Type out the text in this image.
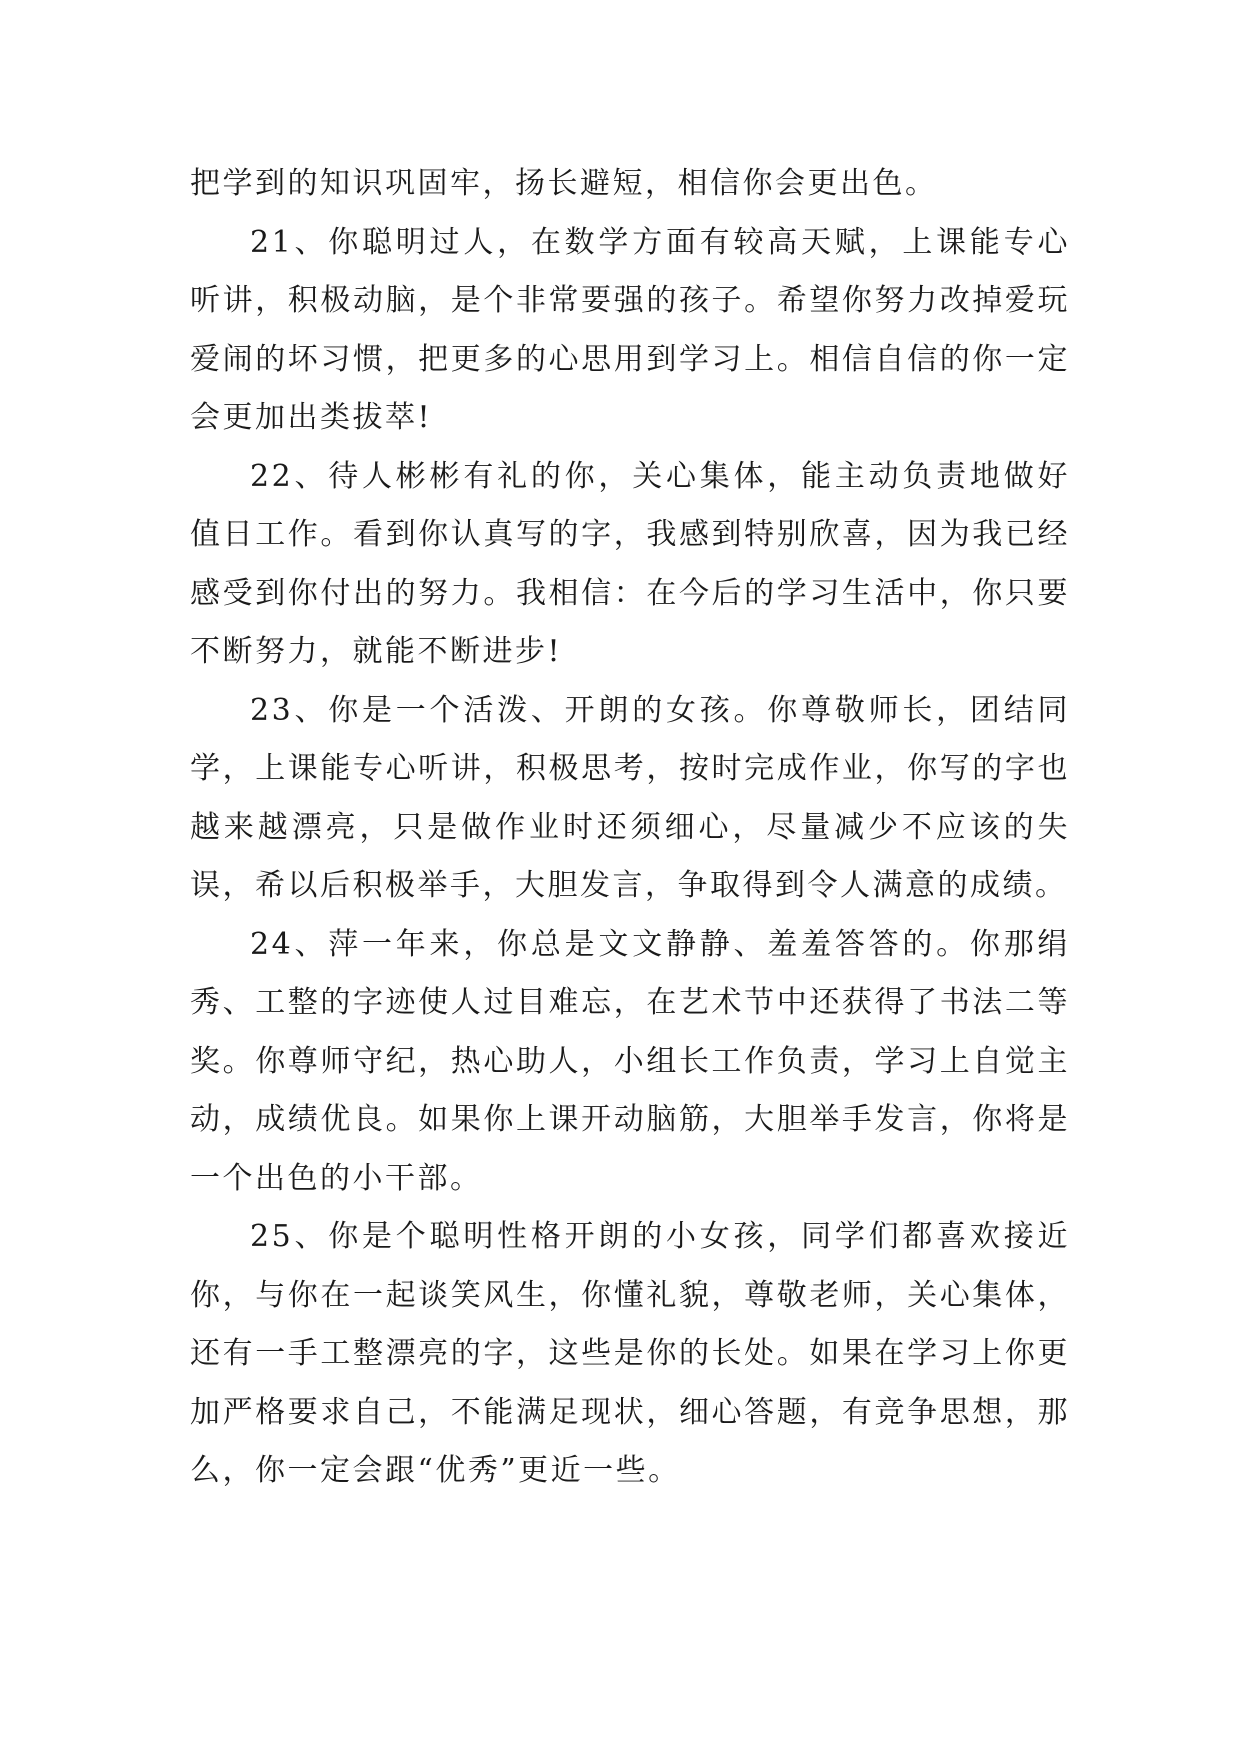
把学到的知识巩固牢，扬长避短，相信你会更出色。

21、你聪明过人，在数学方面有较高天赋，上课能专心听讲，积极动脑，是个非常要强的孩子。希望你努力改掉爱玩爱闹的坏习惯，把更多的心思用到学习上。相信自信的你一定会更加出类拔萃!

22、待人彬彬有礼的你，关心集体，能主动负责地做好值日工作。看到你认真写的字，我感到特别欣喜，因为我已经感受到你付出的努力。我相信：在今后的学习生活中，你只要不断努力，就能不断进步!

23、你是一个活泼、开朗的女孩。你尊敬师长，团结同学，上课能专心听讲，积极思考，按时完成作业，你写的字也越来越漂亮，只是做作业时还须细心，尽量减少不应该的失误，希以后积极举手，大胆发言，争取得到令人满意的成绩。

24、萍一年来，你总是文文静静、羞羞答答的。你那绢秀、工整的字迹使人过目难忘，在艺术节中还获得了书法二等奖。你尊师守纪，热心助人，小组长工作负责，学习上自觉主动，成绩优良。如果你上课开动脑筋，大胆举手发言，你将是一个出色的小干部。

25、你是个聪明性格开朗的小女孩，同学们都喜欢接近你，与你在一起谈笑风生，你懂礼貌，尊敬老师，关心集体，还有一手工整漂亮的字，这些是你的长处。如果在学习上你更加严格要求自己，不能满足现状，细心答题，有竞争思想，那么，你一定会跟“优秀”更近一些。
